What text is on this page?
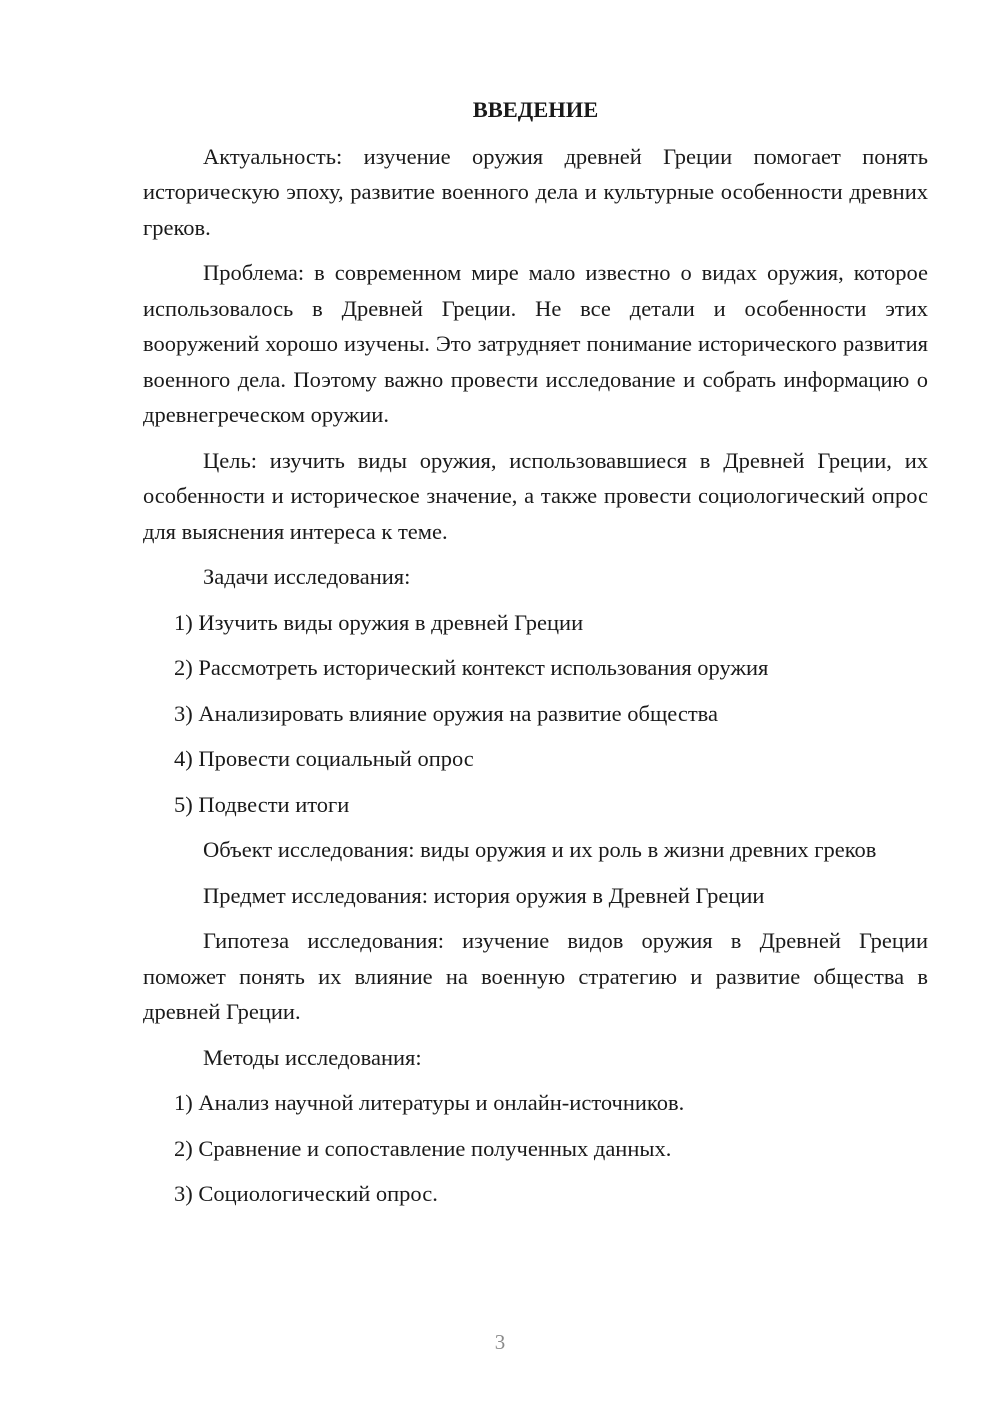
ВВЕДЕНИЕ

Актуальность: изучение оружия древней Греции помогает понять историческую эпоху, развитие военного дела и культурные особенности древних греков.

Проблема: в современном мире мало известно о видах оружия, которое использовалось в Древней Греции. Не все детали и особенности этих вооружений хорошо изучены. Это затрудняет понимание исторического развития военного дела. Поэтому важно провести исследование и собрать информацию о древнегреческом оружии.

Цель: изучить виды оружия, использовавшиеся в Древней Греции, их особенности и историческое значение, а также провести социологический опрос для выяснения интереса к теме.

Задачи исследования:

1) Изучить виды оружия в древней Греции
2) Рассмотреть исторический контекст использования оружия
3) Анализировать влияние оружия на развитие общества
4) Провести социальный опрос
5) Подвести итоги

Объект исследования: виды оружия и их роль в жизни древних греков

Предмет исследования: история оружия в Древней Греции

Гипотеза исследования: изучение видов оружия в Древней Греции поможет понять их влияние на военную стратегию и развитие общества в древней Греции.

Методы исследования:

1) Анализ научной литературы и онлайн-источников.
2) Сравнение и сопоставление полученных данных.
3) Социологический опрос.
3
